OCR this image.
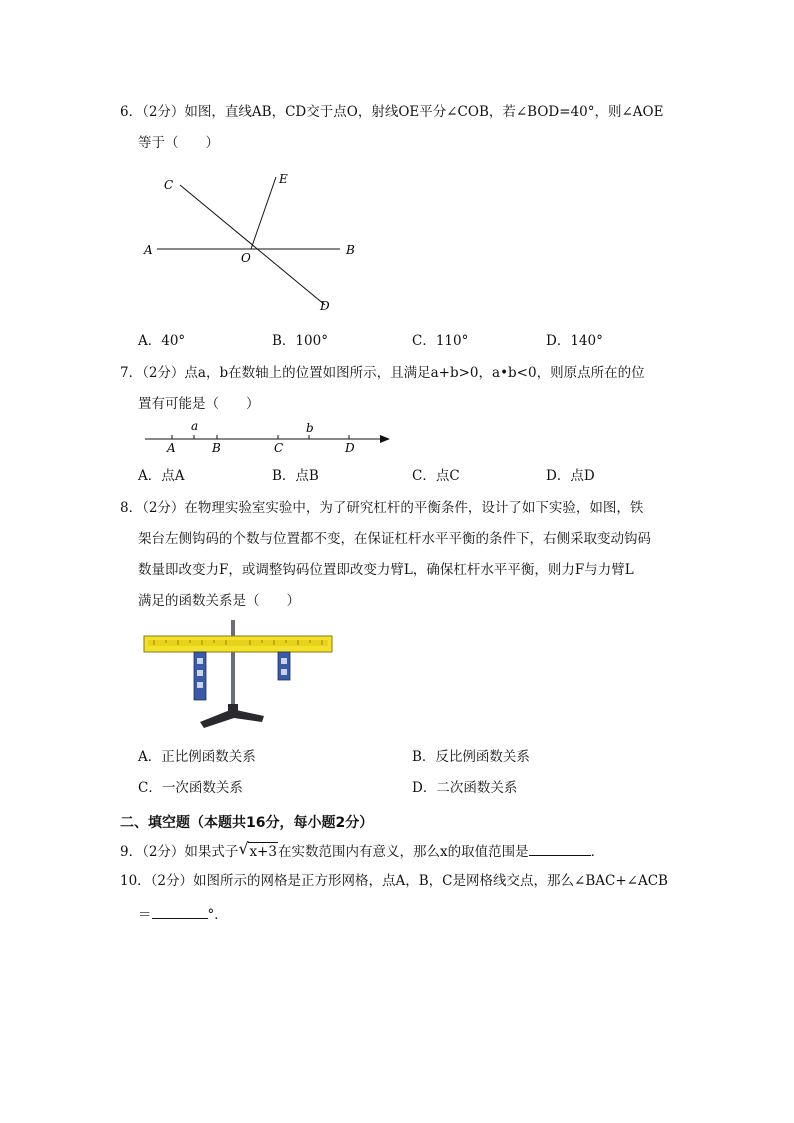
6．（2分）如图，直线AB，CD交于点O，射线OE平分∠COB，若∠BOD=40°，则∠AOE
等于（　　）
C	E
A
O
B
D
A．40°	B．100°	C．110°	D．140°
7．（2分）点a，b在数轴上的位置如图所示，且满足a+b>0，a•b<0，则原点所在的位
置有可能是（　　）
a	b
A	B	C	D
A．点A	B．点B	C．点C	D．点D
8．（2分）在物理实验室实验中，为了研究杠杆的平衡条件，设计了如下实验，如图，铁
架台左侧钩码的个数与位置都不变，在保证杠杆水平平衡的条件下，右侧采取变动钩码
数量即改变力F，或调整钩码位置即改变力臂L，确保杠杆水平平衡，则力F与力臂L
满足的函数关系是（　　）
A．正比例函数关系	B．反比例函数关系
C．一次函数关系	D．二次函数关系
二、填空题（本题共16分，每小题2分）
9．（2分）如果式子 √ x+3在实数范围内有意义，那么x的取值范围是	．
10．（2分）如图所示的网格是正方形网格，点A，B，C是网格线交点，那么∠BAC+∠ACB
＝	°．
